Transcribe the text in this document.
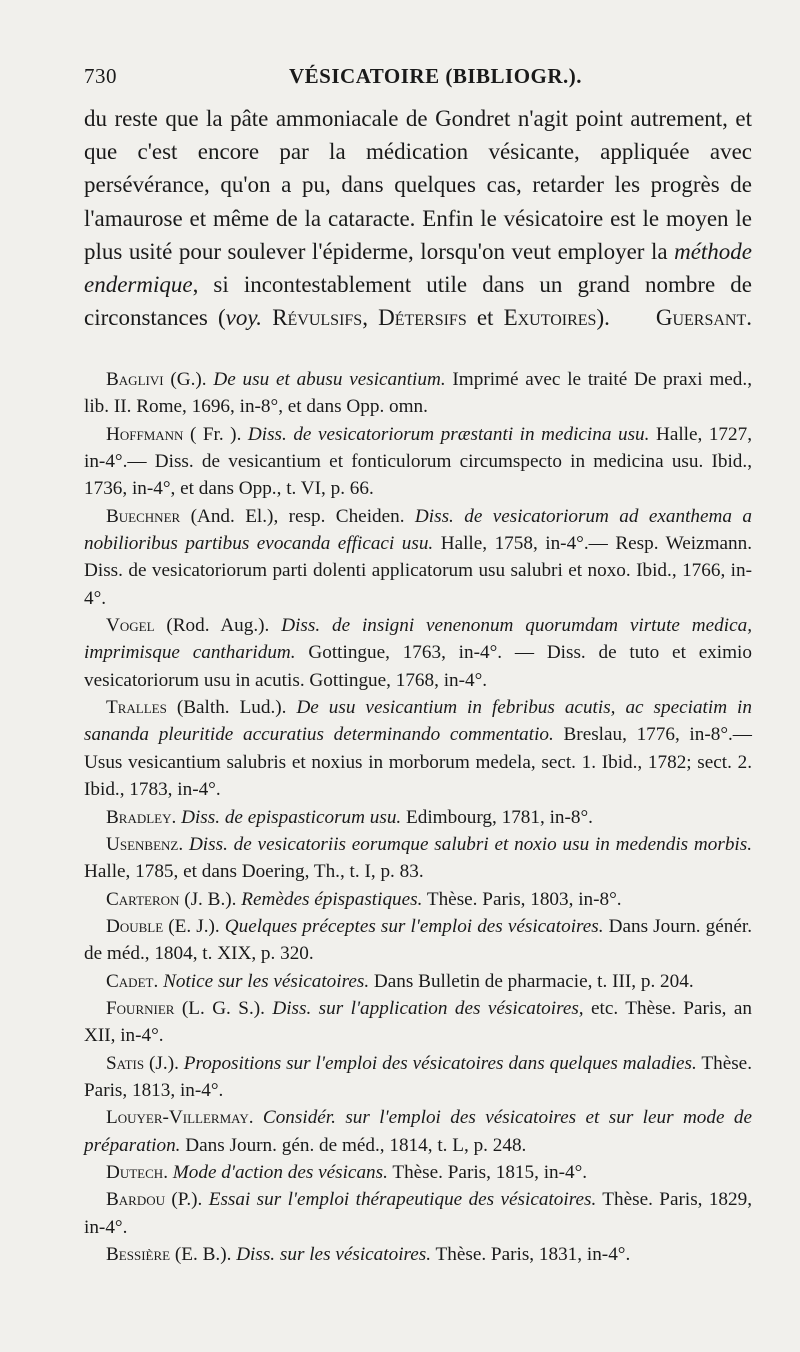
730	VÉSICATOIRE (BIBLIOGR.).

du reste que la pâte ammoniacale de Gondret n'agit point autrement, et que c'est encore par la médication vésicante, appliquée avec persévérance, qu'on a pu, dans quelques cas, retarder les progrès de l'amaurose et même de la cataracte. Enfin le vésicatoire est le moyen le plus usité pour soulever l'épiderme, lorsqu'on veut employer la méthode endermique, si incontestablement utile dans un grand nombre de circonstances (voy. Révulsifs, Détersifs et Exutoires).   Guersant.

Baglivi (G.). De usu et abusu vesicantium. Imprimé avec le traité De praxi med., lib. II. Rome, 1696, in-8°, et dans Opp. omn.

Hoffmann ( Fr. ). Diss. de vesicatoriorum præstanti in medicina usu. Halle, 1727, in-4°.— Diss. de vesicantium et fonticulorum circumspecto in medicina usu. Ibid., 1736, in-4°, et dans Opp., t. VI, p. 66.

Buechner (And. El.), resp. Cheiden. Diss. de vesicatoriorum ad exanthema a nobilioribus partibus evocanda efficaci usu. Halle, 1758, in-4°.— Resp. Weizmann. Diss. de vesicatoriorum parti dolenti applicatorum usu salubri et noxo. Ibid., 1766, in-4°.

Vogel (Rod. Aug.). Diss. de insigni venenonum quorumdam virtute medica, imprimisque cantharidum. Gottingue, 1763, in-4°. — Diss. de tuto et eximio vesicatoriorum usu in acutis. Gottingue, 1768, in-4°.

Tralles (Balth. Lud.). De usu vesicantium in febribus acutis, ac speciatim in sananda pleuritide accuratius determinando commentatio. Breslau, 1776, in-8°.— Usus vesicantium salubris et noxius in morborum medela, sect. 1. Ibid., 1782; sect. 2. Ibid., 1783, in-4°.

Bradley. Diss. de epispasticorum usu. Edimbourg, 1781, in-8°.

Usenbenz. Diss. de vesicatoriis eorumque salubri et noxio usu in medendis morbis. Halle, 1785, et dans Doering, Th., t. I, p. 83.

Carteron (J. B.). Remèdes épispastiques. Thèse. Paris, 1803, in-8°.

Double (E. J.). Quelques préceptes sur l'emploi des vésicatoires. Dans Journ. génér. de méd., 1804, t. XIX, p. 320.

Cadet. Notice sur les vésicatoires. Dans Bulletin de pharmacie, t. III, p. 204.

Fournier (L. G. S.). Diss. sur l'application des vésicatoires, etc. Thèse. Paris, an XII, in-4°.

Satis (J.). Propositions sur l'emploi des vésicatoires dans quelques maladies. Thèse. Paris, 1813, in-4°.

Louyer-Villermay. Considér. sur l'emploi des vésicatoires et sur leur mode de préparation. Dans Journ. gén. de méd., 1814, t. L, p. 248.

Dutech. Mode d'action des vésicans. Thèse. Paris, 1815, in-4°.

Bardou (P.). Essai sur l'emploi thérapeutique des vésicatoires. Thèse. Paris, 1829, in-4°.

Bessière (E. B.). Diss. sur les vésicatoires. Thèse. Paris, 1831, in-4°.
